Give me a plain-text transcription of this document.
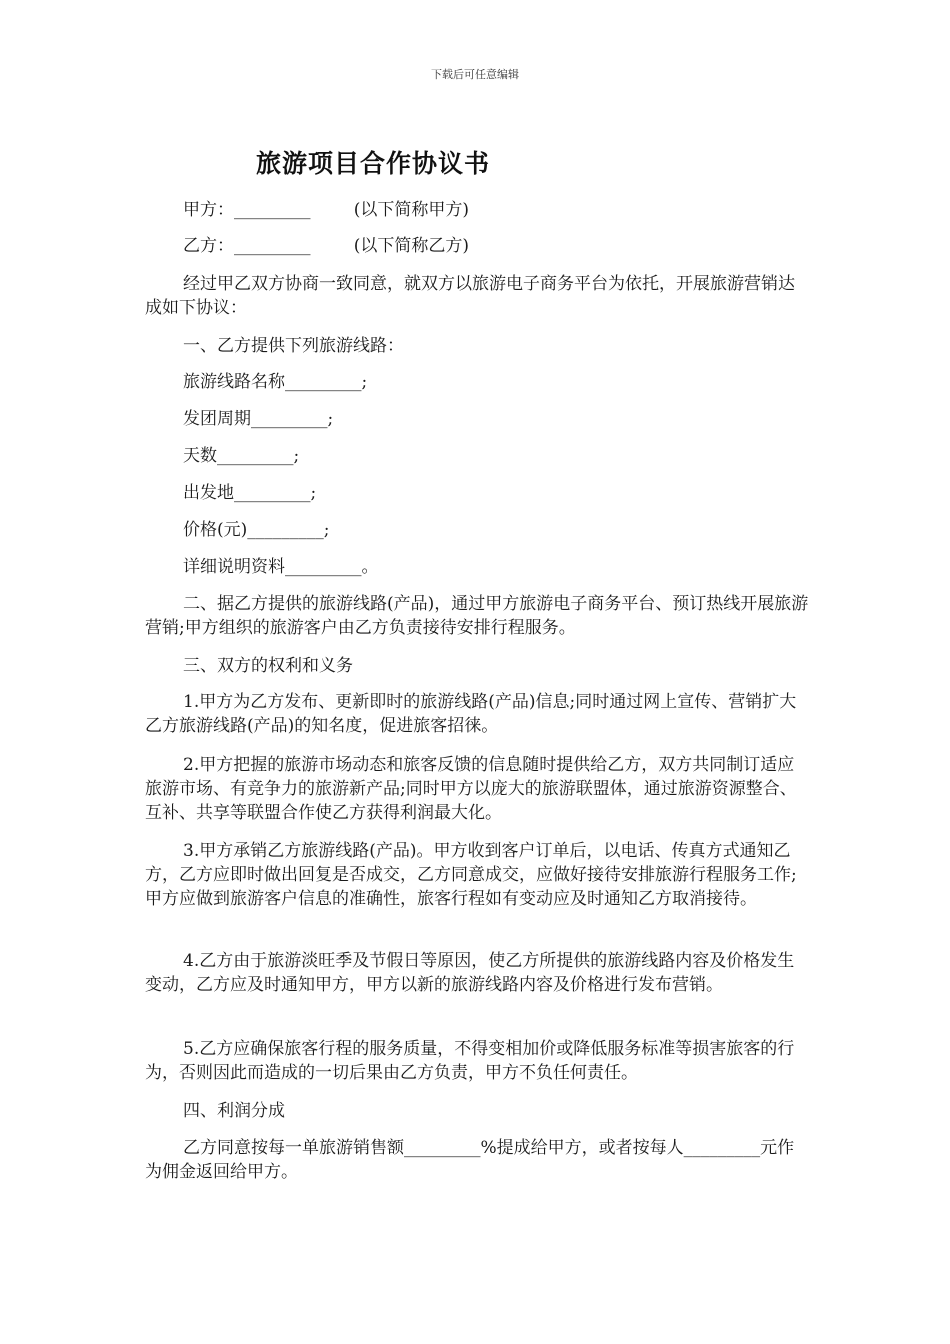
下载后可任意编辑
旅游项目合作协议书
甲方：_________        (以下简称甲方)
乙方：_________        (以下简称乙方)
经过甲乙双方协商一致同意，就双方以旅游电子商务平台为依托，开展旅游营销达成如下协议：
一、乙方提供下列旅游线路：
旅游线路名称_________;
发团周期_________;
天数_________;
出发地_________;
价格(元)_________;
详细说明资料_________。
二、据乙方提供的旅游线路(产品)，通过甲方旅游电子商务平台、预订热线开展旅游营销;甲方组织的旅游客户由乙方负责接待安排行程服务。
三、双方的权利和义务
1.甲方为乙方发布、更新即时的旅游线路(产品)信息;同时通过网上宣传、营销扩大乙方旅游线路(产品)的知名度，促进旅客招徕。
2.甲方把握的旅游市场动态和旅客反馈的信息随时提供给乙方，双方共同制订适应旅游市场、有竞争力的旅游新产品;同时甲方以庞大的旅游联盟体，通过旅游资源整合、互补、共享等联盟合作使乙方获得利润最大化。
3.甲方承销乙方旅游线路(产品)。甲方收到客户订单后，以电话、传真方式通知乙方，乙方应即时做出回复是否成交，乙方同意成交，应做好接待安排旅游行程服务工作;甲方应做到旅游客户信息的准确性，旅客行程如有变动应及时通知乙方取消接待。
4.乙方由于旅游淡旺季及节假日等原因，使乙方所提供的旅游线路内容及价格发生变动，乙方应及时通知甲方，甲方以新的旅游线路内容及价格进行发布营销。
5.乙方应确保旅客行程的服务质量，不得变相加价或降低服务标准等损害旅客的行为，否则因此而造成的一切后果由乙方负责，甲方不负任何责任。
四、利润分成
乙方同意按每一单旅游销售额_________%提成给甲方，或者按每人_________元作为佣金返回给甲方。
